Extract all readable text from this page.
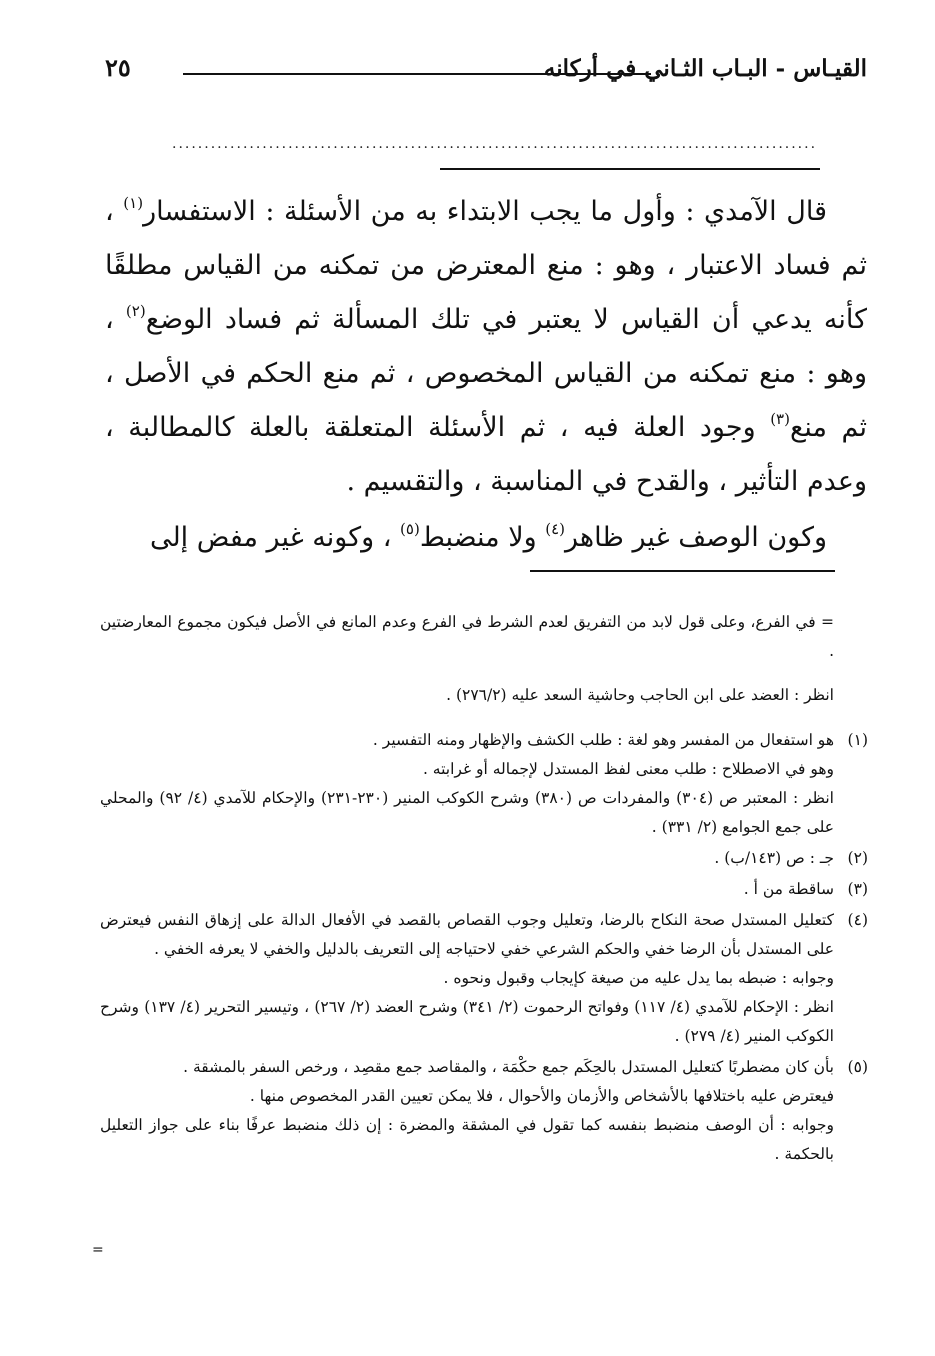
القيـاس - البـاب الثـاني في أركانه
٢٥
....................................................................................................

قال الآمدي : وأول ما يجب الابتداء به من الأسئلة : الاستفسار$^{(١)}$ ، ثم فساد الاعتبار ، وهو : منع المعترض من تمكنه من القياس مطلقًا كأنه يدعي أن القياس لا يعتبر في تلك المسألة ثم فساد الوضع$^{(٢)}$ ، وهو : منع تمكنه من القياس المخصوص ، ثم منع الحكم في الأصل ، ثم منع$^{(٣)}$ وجود العلة فيه ، ثم الأسئلة المتعلقة بالعلة كالمطالبة ، وعدم التأثير ، والقدح في المناسبة ، والتقسيم .

وكون الوصف غير ظاهر$^{(٤)}$ ولا منضبط$^{(٥)}$ ، وكونه غير مفض إلى

= في الفرع، وعلى قول لابد من التفريق لعدم الشرط في الفرع وعدم المانع في الأصل فيكون مجموع المعارضتين .

انظر : العضد على ابن الحاجب وحاشية السعد عليه (٢٧٦/٢) .

(١)

هو استفعال من المفسر وهو لغة : طلب الكشف والإظهار ومنه التفسير .

وهو في الاصطلاح : طلب معنى لفظ المستدل لإجماله أو غرابته .

انظر : المعتبر ص (٣٠٤) والمفردات ص (٣٨٠) وشرح الكوكب المنير (٢٣٠-٢٣١) والإحكام للآمدي (٤/ ٩٢) والمحلي على جمع الجوامع (٢/ ٣٣١) .

(٢)

جـ : ص (١٤٣/ب) .

(٣)

ساقطة من أ .

(٤)

كتعليل المستدل صحة النكاح بالرضا، وتعليل وجوب القصاص بالقصد في الأفعال الدالة على إزهاق النفس فيعترض على المستدل بأن الرضا خفي والحكم الشرعي خفي لاحتياجه إلى التعريف بالدليل والخفي لا يعرفه الخفي .

وجوابه : ضبطه بما يدل عليه من صيغة كإيجاب وقبول ونحوه .

انظر : الإحكام للآمدي (٤/ ١١٧) وفواتح الرحموت (٢/ ٣٤١) وشرح العضد (٢/ ٢٦٧) ، وتيسير التحرير (٤/ ١٣٧) وشرح الكوكب المنير (٤/ ٢٧٩) .

(٥)

بأن كان مضطربًا كتعليل المستدل بالحِكَم جمع حكْمَة ، والمقاصد جمع مقصِد ، ورخص السفر بالمشقة .

فيعترض عليه باختلافها بالأشخاص والأزمان والأحوال ، فلا يمكن تعيين القدر المخصوص منها .

وجوابه : أن الوصف منضبط بنفسه كما تقول في المشقة والمضرة : إن ذلك منضبط عرفًا بناء على جواز التعليل بالحكمة .

=
